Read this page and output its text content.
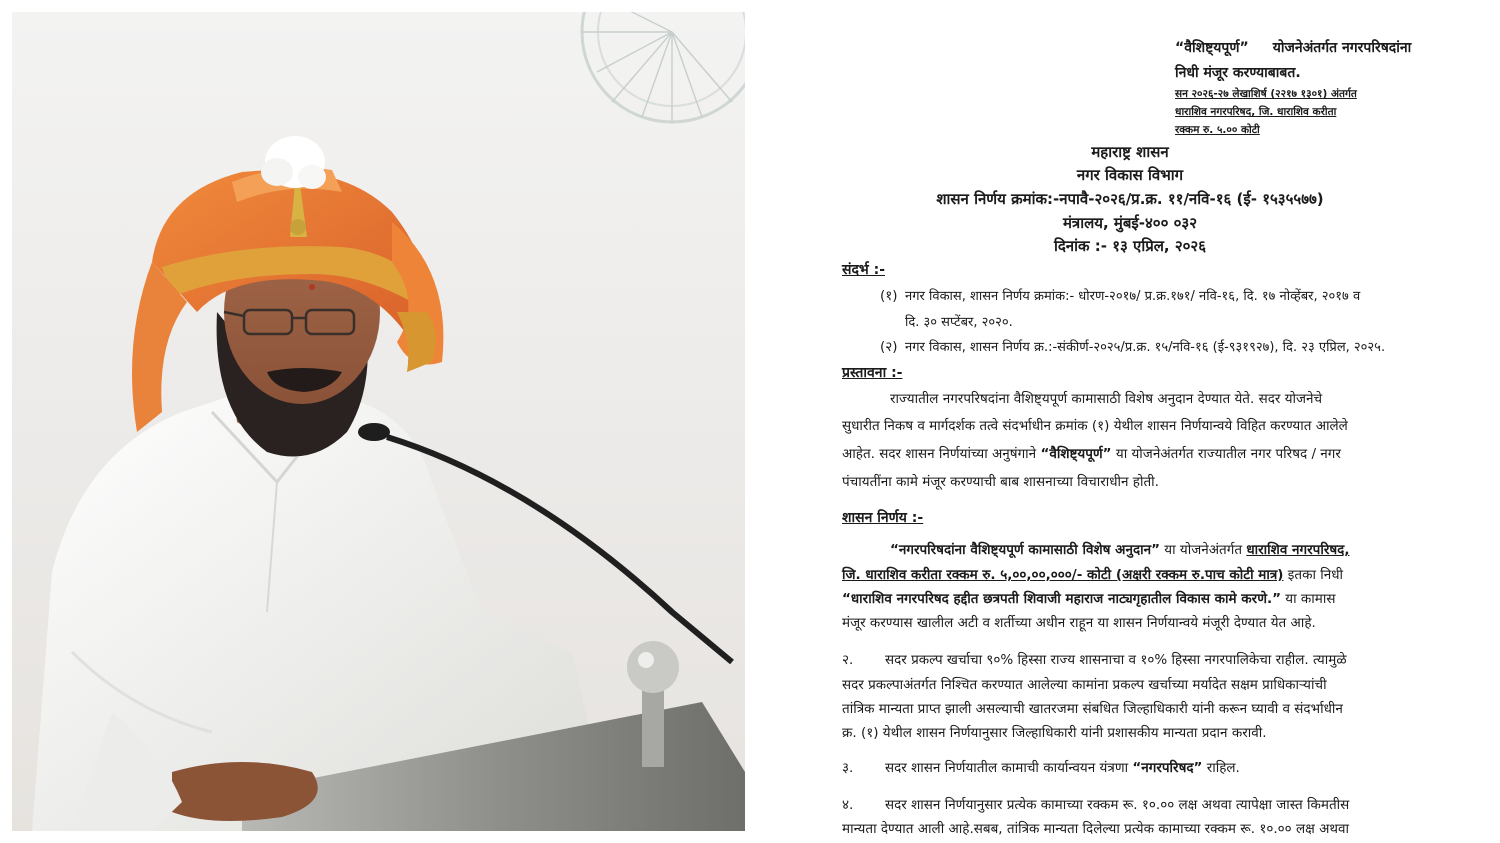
“वैशिष्ट्यपूर्ण” योजनेअंतर्गत नगरपरिषदांना
निधी मंजूर करण्याबाबत.
सन २०२६-२७ लेखाशिर्ष (२२१७ १३०१) अंतर्गत
धाराशिव नगरपरिषद, जि. धाराशिव करीता
रक्कम रु. ५.०० कोटी
महाराष्ट्र शासन
नगर विकास विभाग
शासन निर्णय क्रमांक:-नपावै-२०२६/प्र.क्र. ११/नवि-१६ (ई- १५३५५७७)
मंत्रालय, मुंबई-४०० ०३२
दिनांक :- १३ एप्रिल, २०२६
संदर्भ :-
(१) नगर विकास, शासन निर्णय क्रमांक:- धोरण-२०१७/ प्र.क्र.१७१/ नवि-१६, दि. १७ नोव्हेंबर, २०१७ व
दि. ३० सप्टेंबर, २०२०.
(२) नगर विकास, शासन निर्णय क्र.:-संकीर्ण-२०२५/प्र.क्र. १५/नवि-१६ (ई-९३१९२७), दि. २३ एप्रिल, २०२५.
प्रस्तावना :-
राज्यातील नगरपरिषदांना वैशिष्ट्यपूर्ण कामासाठी विशेष अनुदान देण्यात येते. सदर योजनेचे
सुधारीत निकष व मार्गदर्शक तत्वे संदर्भाधीन क्रमांक (१) येथील शासन निर्णयान्वये विहित करण्यात आलेले
आहेत. सदर शासन निर्णयांच्या अनुषंगाने “वैशिष्ट्यपूर्ण” या योजनेअंतर्गत राज्यातील नगर परिषद / नगर
पंचायतींना कामे मंजूर करण्याची बाब शासनाच्या विचाराधीन होती.
शासन निर्णय :-
“नगरपरिषदांना वैशिष्ट्यपूर्ण कामासाठी विशेष अनुदान” या योजनेअंतर्गत धाराशिव नगरपरिषद,
जि. धाराशिव करीता रक्कम रु. ५,००,००,०००/- कोटी (अक्षरी रक्कम रु.पाच कोटी मात्र) इतका निधी
“धाराशिव नगरपरिषद हद्दीत छत्रपती शिवाजी महाराज नाट्यगृहातील विकास कामे करणे.” या कामास
मंजूर करण्यास खालील अटी व शर्तीच्या अधीन राहून या शासन निर्णयान्वये मंजूरी देण्यात येत आहे.
२. सदर प्रकल्प खर्चाचा ९०% हिस्सा राज्य शासनाचा व १०% हिस्सा नगरपालिकेचा राहील. त्यामुळे
सदर प्रकल्पाअंतर्गत निश्चित करण्यात आलेल्या कामांना प्रकल्प खर्चाच्या मर्यादेत सक्षम प्राधिकाऱ्यांची
तांत्रिक मान्यता प्राप्त झाली असल्याची खातरजमा संबधित जिल्हाधिकारी यांनी करून घ्यावी व संदर्भाधीन
क्र. (१) येथील शासन निर्णयानुसार जिल्हाधिकारी यांनी प्रशासकीय मान्यता प्रदान करावी.
३. सदर शासन निर्णयातील कामाची कार्यान्वयन यंत्रणा “नगरपरिषद” राहिल.
४. सदर शासन निर्णयानुसार प्रत्येक कामाच्या रक्कम रू. १०.०० लक्ष अथवा त्यापेक्षा जास्त किमतीस
मान्यता देण्यात आली आहे.सबब, तांत्रिक मान्यता दिलेल्या प्रत्येक कामाच्या रक्कम रू. १०.०० लक्ष अथवा
